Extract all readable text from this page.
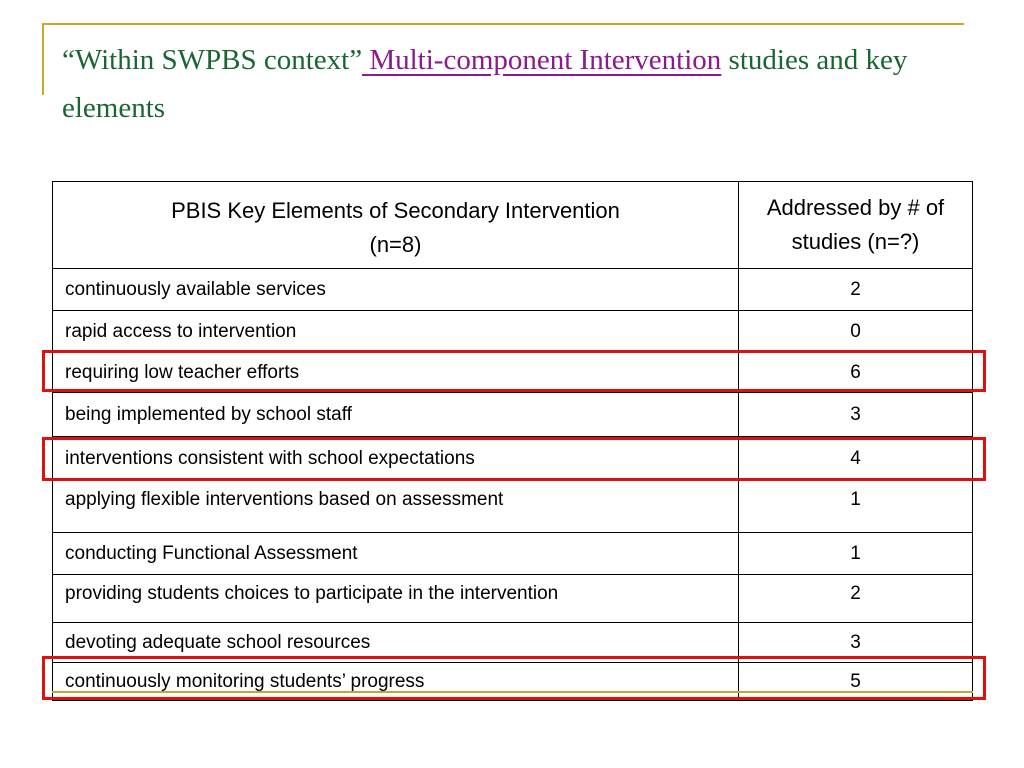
“Within SWPBS context” Multi-component Intervention studies and key elements
PBIS Key Elements of Secondary Intervention
(n=8)	Addressed by # of studies (n=?)
continuously available services	2
rapid access to intervention	0
requiring low teacher efforts	6
being implemented by school staff	3
interventions consistent with school expectations	4
applying flexible interventions based on assessment	1
conducting Functional Assessment	1
providing students choices to participate in the intervention	2
devoting adequate school resources	3
continuously monitoring students’ progress	5
